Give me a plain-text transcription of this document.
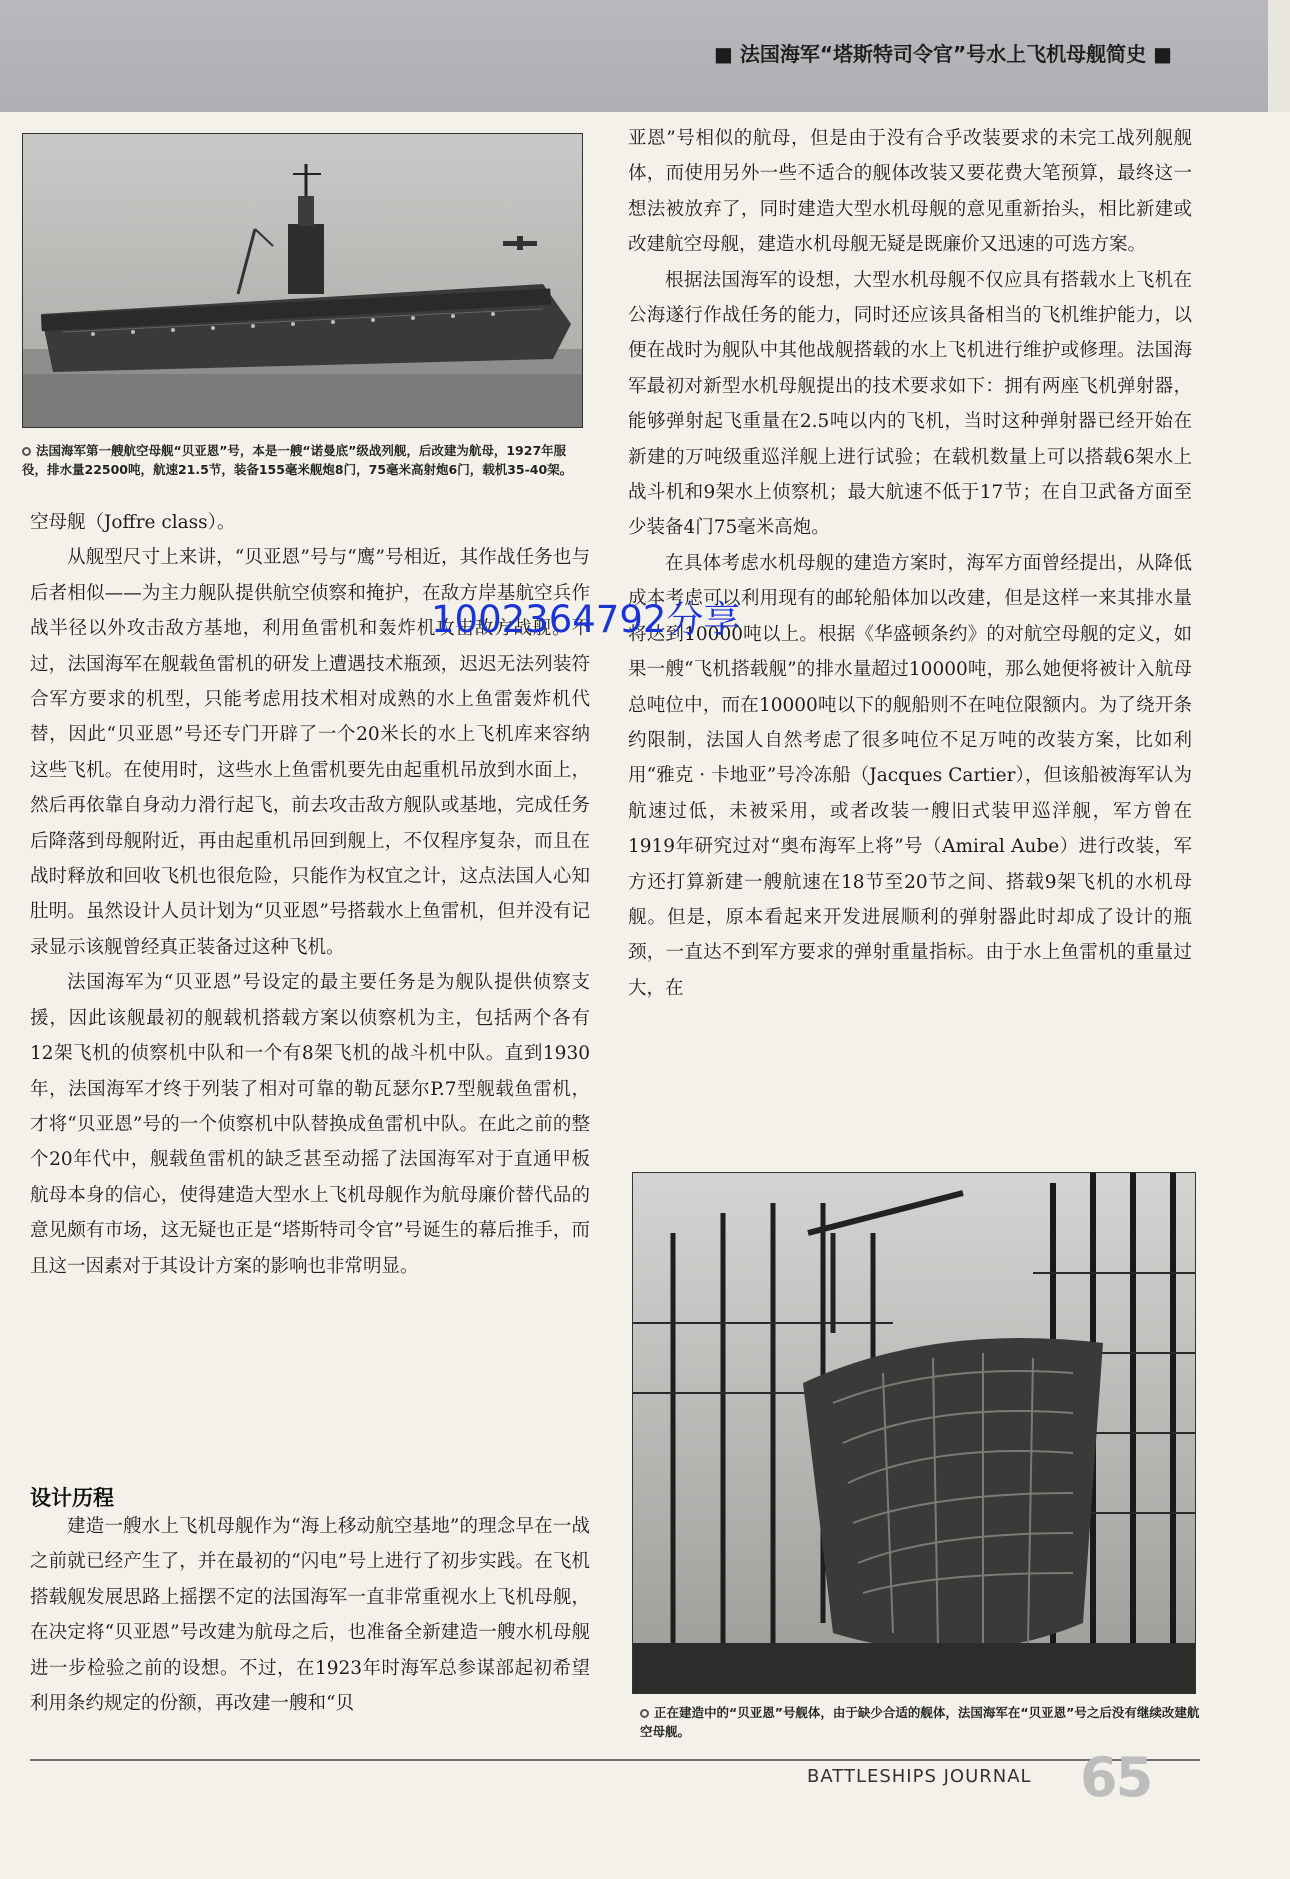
■ 法国海军“塔斯特司令官”号水上飞机母舰简史 ■
法国海军第一艘航空母舰“贝亚恩”号，本是一艘“诺曼底”级战列舰，后改建为航母，1927年服役，排水量22500吨，航速21.5节，装备155毫米舰炮8门，75毫米高射炮6门，载机35-40架。

空母舰（Joffre class）。

从舰型尺寸上来讲，“贝亚恩”号与“鹰”号相近，其作战任务也与后者相似——为主力舰队提供航空侦察和掩护，在敌方岸基航空兵作战半径以外攻击敌方基地，利用鱼雷机和轰炸机攻击敌方战舰。不过，法国海军在舰载鱼雷机的研发上遭遇技术瓶颈，迟迟无法列装符合军方要求的机型，只能考虑用技术相对成熟的水上鱼雷轰炸机代替，因此“贝亚恩”号还专门开辟了一个20米长的水上飞机库来容纳这些飞机。在使用时，这些水上鱼雷机要先由起重机吊放到水面上，然后再依靠自身动力滑行起飞，前去攻击敌方舰队或基地，完成任务后降落到母舰附近，再由起重机吊回到舰上，不仅程序复杂，而且在战时释放和回收飞机也很危险，只能作为权宜之计，这点法国人心知肚明。虽然设计人员计划为“贝亚恩”号搭载水上鱼雷机，但并没有记录显示该舰曾经真正装备过这种飞机。

法国海军为“贝亚恩”号设定的最主要任务是为舰队提供侦察支援，因此该舰最初的舰载机搭载方案以侦察机为主，包括两个各有12架飞机的侦察机中队和一个有8架飞机的战斗机中队。直到1930年，法国海军才终于列装了相对可靠的勒瓦瑟尔P.7型舰载鱼雷机，才将“贝亚恩”号的一个侦察机中队替换成鱼雷机中队。在此之前的整个20年代中，舰载鱼雷机的缺乏甚至动摇了法国海军对于直通甲板航母本身的信心，使得建造大型水上飞机母舰作为航母廉价替代品的意见颇有市场，这无疑也正是“塔斯特司令官”号诞生的幕后推手，而且这一因素对于其设计方案的影响也非常明显。

设计历程

建造一艘水上飞机母舰作为“海上移动航空基地”的理念早在一战之前就已经产生了，并在最初的“闪电”号上进行了初步实践。在飞机搭载舰发展思路上摇摆不定的法国海军一直非常重视水上飞机母舰，在决定将“贝亚恩”号改建为航母之后，也准备全新建造一艘水机母舰进一步检验之前的设想。不过，在1923年时海军总参谋部起初希望利用条约规定的份额，再改建一艘和“贝

亚恩”号相似的航母，但是由于没有合乎改装要求的未完工战列舰舰体，而使用另外一些不适合的舰体改装又要花费大笔预算，最终这一想法被放弃了，同时建造大型水机母舰的意见重新抬头，相比新建或改建航空母舰，建造水机母舰无疑是既廉价又迅速的可选方案。

根据法国海军的设想，大型水机母舰不仅应具有搭载水上飞机在公海遂行作战任务的能力，同时还应该具备相当的飞机维护能力，以便在战时为舰队中其他战舰搭载的水上飞机进行维护或修理。法国海军最初对新型水机母舰提出的技术要求如下：拥有两座飞机弹射器，能够弹射起飞重量在2.5吨以内的飞机，当时这种弹射器已经开始在新建的万吨级重巡洋舰上进行试验；在载机数量上可以搭载6架水上战斗机和9架水上侦察机；最大航速不低于17节；在自卫武备方面至少装备4门75毫米高炮。

在具体考虑水机母舰的建造方案时，海军方面曾经提出，从降低成本考虑可以利用现有的邮轮船体加以改建，但是这样一来其排水量将达到10000吨以上。根据《华盛顿条约》的对航空母舰的定义，如果一艘“飞机搭载舰”的排水量超过10000吨，那么她便将被计入航母总吨位中，而在10000吨以下的舰船则不在吨位限额内。为了绕开条约限制，法国人自然考虑了很多吨位不足万吨的改装方案，比如利用“雅克 · 卡地亚”号冷冻船（Jacques Cartier），但该船被海军认为航速过低，未被采用，或者改装一艘旧式装甲巡洋舰，军方曾在1919年研究过对“奥布海军上将”号（Amiral Aube）进行改装，军方还打算新建一艘航速在18节至20节之间、搭载9架飞机的水机母舰。但是，原本看起来开发进展顺利的弹射器此时却成了设计的瓶颈，一直达不到军方要求的弹射重量指标。由于水上鱼雷机的重量过大，在

正在建造中的“贝亚恩”号舰体，由于缺少合适的舰体，法国海军在“贝亚恩”号之后没有继续改建航空母舰。
1002364792分享
BATTLESHIPS JOURNAL 65
